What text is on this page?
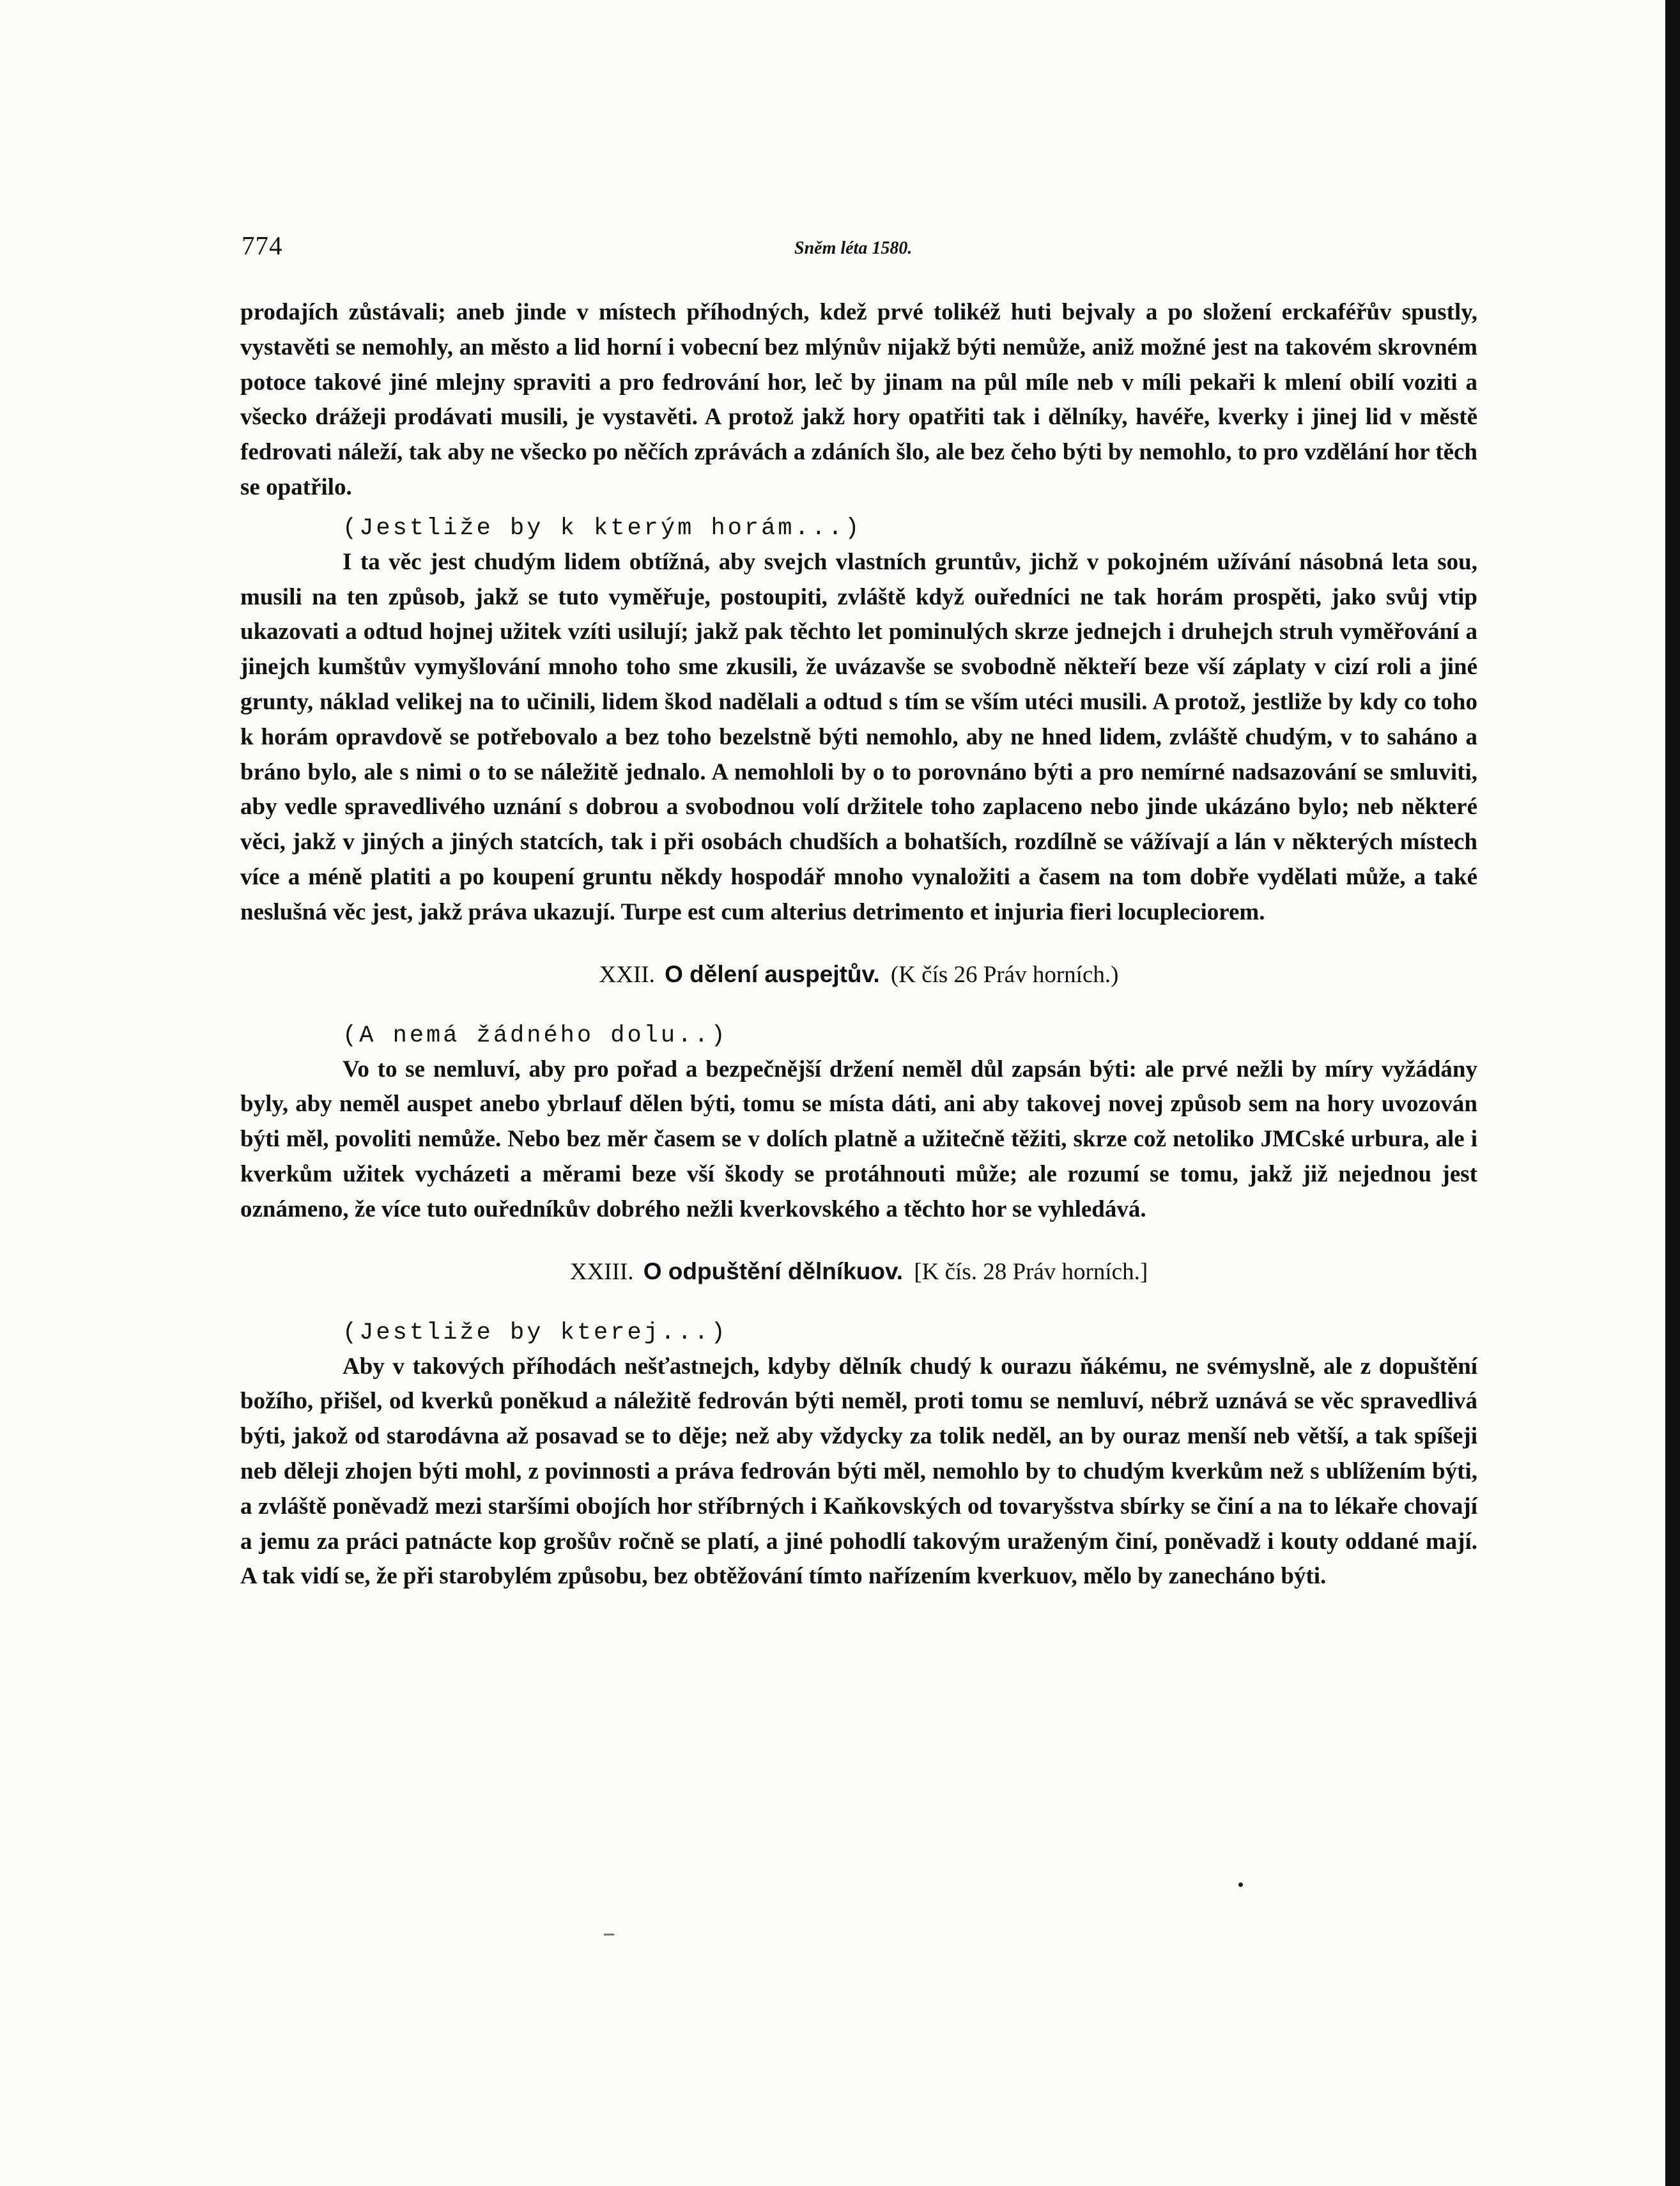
774	Sněm léta 1580.

prodajích zůstávali; aneb jinde v místech příhodných, kdež prvé tolikéž huti bejvaly a po složení erckaféřův spustly, vystavěti se nemohly, an město a lid horní i vobecní bez mlýnův nijakž býti nemůže, aniž možné jest na takovém skrovném potoce takové jiné mlejny spraviti a pro fedrování hor, leč by jinam na půl míle neb v míli pekaři k mlení obilí voziti a všecko drážeji prodávati musili, je vystavěti. A protož jakž hory opatřiti tak i dělníky, havéře, kverky i jinej lid v městě fedrovati náleží, tak aby ne všecko po něčích zprávách a zdáních šlo, ale bez čeho býti by nemohlo, to pro vzdělání hor těch se opatřilo.

(Jestliže by k kterým horám...)

I ta věc jest chudým lidem obtížná, aby svejch vlastních gruntův, jichž v pokojném užívání násobná leta sou, musili na ten způsob, jakž se tuto vyměřuje, postoupiti, zvláště když ouředníci ne tak horám prospěti, jako svůj vtip ukazovati a odtud hojnej užitek vzíti usilují; jakž pak těchto let pominulých skrze jednejch i druhejch struh vyměřování a jinejch kumštův vymyšlování mnoho toho sme zkusili, že uvázavše se svobodně někteří beze vší záplaty v cizí roli a jiné grunty, náklad velikej na to učinili, lidem škod nadělali a odtud s tím se vším utéci musili. A protož, jestliže by kdy co toho k horám opravdově se potřebovalo a bez toho bezelstně býti nemohlo, aby ne hned lidem, zvláště chudým, v to saháno a bráno bylo, ale s nimi o to se náležitě jednalo. A nemohloli by o to porovnáno býti a pro nemírné nadsazování se smluviti, aby vedle spravedlivého uznání s dobrou a svobodnou volí držitele toho zaplaceno nebo jinde ukázáno bylo; neb některé věci, jakž v jiných a jiných statcích, tak i při osobách chudších a bohatších, rozdílně se vážívají a lán v některých místech více a méně platiti a po koupení gruntu někdy hospodář mnoho vynaložiti a časem na tom dobře vydělati může, a také neslušná věc jest, jakž práva ukazují. Turpe est cum alterius detrimento et injuria fieri locupleciorem.

XXII. O dělení auspejtův. (K čís 26 Práv horních.)

(A nemá žádného dolu..)

Vo to se nemluví, aby pro pořad a bezpečnější držení neměl důl zapsán býti: ale prvé nežli by míry vyžádány byly, aby neměl auspet anebo ybrlauf dělen býti, tomu se místa dáti, ani aby takovej novej způsob sem na hory uvozován býti měl, povoliti nemůže. Nebo bez měr časem se v dolích platně a užitečně těžiti, skrze což netoliko JMCské urbura, ale i kverkům užitek vycházeti a měrami beze vší škody se protáhnouti může; ale rozumí se tomu, jakž již nejednou jest oznámeno, že více tuto ouředníkův dobrého nežli kverkovského a těchto hor se vyhledává.

XXIII. O odpuštění dělníkuov. [K čís. 28 Práv horních.]

(Jestliže by kterej...)

Aby v takových příhodách nešťastnejch, kdyby dělník chudý k ourazu ňákému, ne svémyslně, ale z dopuštění božího, přišel, od kverků poněkud a náležitě fedrován býti neměl, proti tomu se nemluví, nébrž uznává se věc spravedlivá býti, jakož od starodávna až posavad se to děje; než aby vždycky za tolik neděl, an by ouraz menší neb větší, a tak spíšeji neb děleji zhojen býti mohl, z povinnosti a práva fedrován býti měl, nemohlo by to chudým kverkům než s ublížením býti, a zvláště poněvadž mezi staršími obojích hor stříbrných i Kaňkovských od tovaryšstva sbírky se činí a na to lékaře chovají a jemu za práci patnácte kop grošův ročně se platí, a jiné pohodlí takovým uraženým činí, poněvadž i kouty oddané mají. A tak vidí se, že při starobylém způsobu, bez obtěžování tímto nařízením kverkuov, mělo by zanecháno býti.
